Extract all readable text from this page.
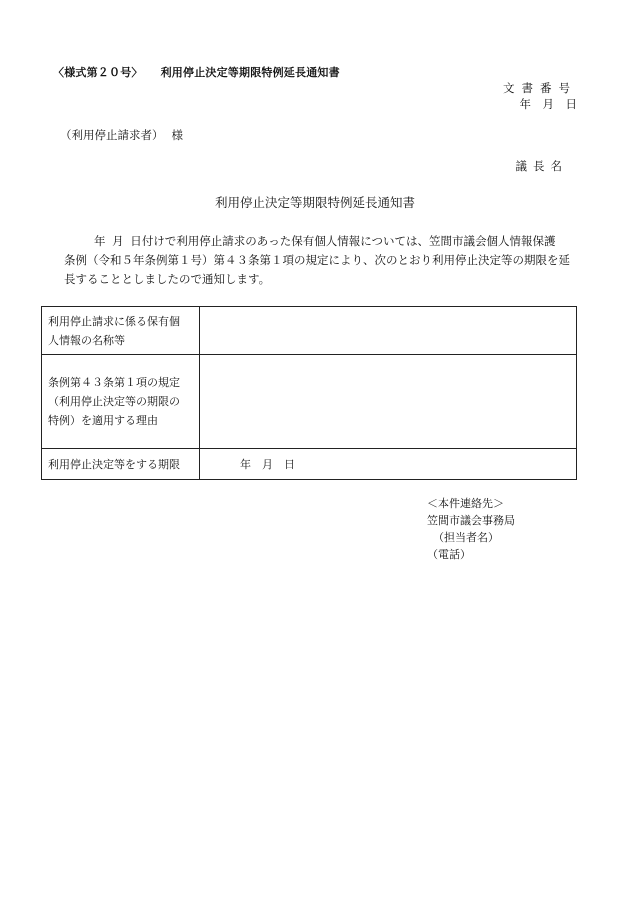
〈様式第２０号〉 利用停止決定等期限特例延長通知書
文書番号
年　月　日
（利用停止請求者） 様
議長名
利用停止決定等期限特例延長通知書
年 月 日付けで利用停止請求のあった保有個人情報については、笠間市議会個人情報保護
条例（令和５年条例第１号）第４３条第１項の規定により、次のとおり利用停止決定等の期限を延
長することとしましたので通知します。
利用停止請求に係る保有個
人情報の名称等	
条例第４３条第１項の規定
（利用停止決定等の期限の
特例）を適用する理由	
利用停止決定等をする期限	年　月　日
＜本件連絡先＞
笠間市議会事務局
（担当者名）
（電話）
